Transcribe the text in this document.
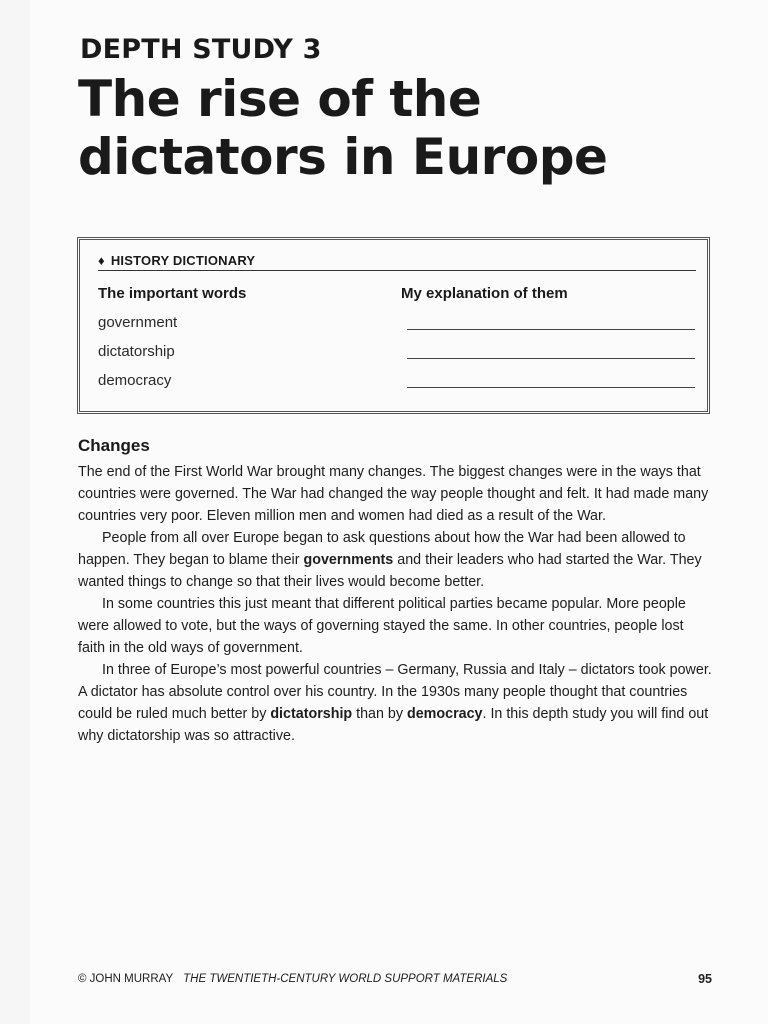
DEPTH STUDY 3
The rise of the
dictators in Europe
♦ HISTORY DICTIONARY
The important words	My explanation of them
government
dictatorship
democracy
Changes

The end of the First World War brought many changes. The biggest changes were in the ways that countries were governed. The War had changed the way people thought and felt. It had made many countries very poor. Eleven million men and women had died as a result of the War.

People from all over Europe began to ask questions about how the War had been allowed to happen. They began to blame their governments and their leaders who had started the War. They wanted things to change so that their lives would become better.

In some countries this just meant that different political parties became popular. More people were allowed to vote, but the ways of governing stayed the same. In other countries, people lost faith in the old ways of government.

In three of Europe’s most powerful countries – Germany, Russia and Italy – dictators took power. A dictator has absolute control over his country. In the 1930s many people thought that countries could be ruled much better by dictatorship than by democracy. In this depth study you will find out why dictatorship was so attractive.

© JOHN MURRAY THE TWENTIETH-CENTURY WORLD SUPPORT MATERIALS	95
